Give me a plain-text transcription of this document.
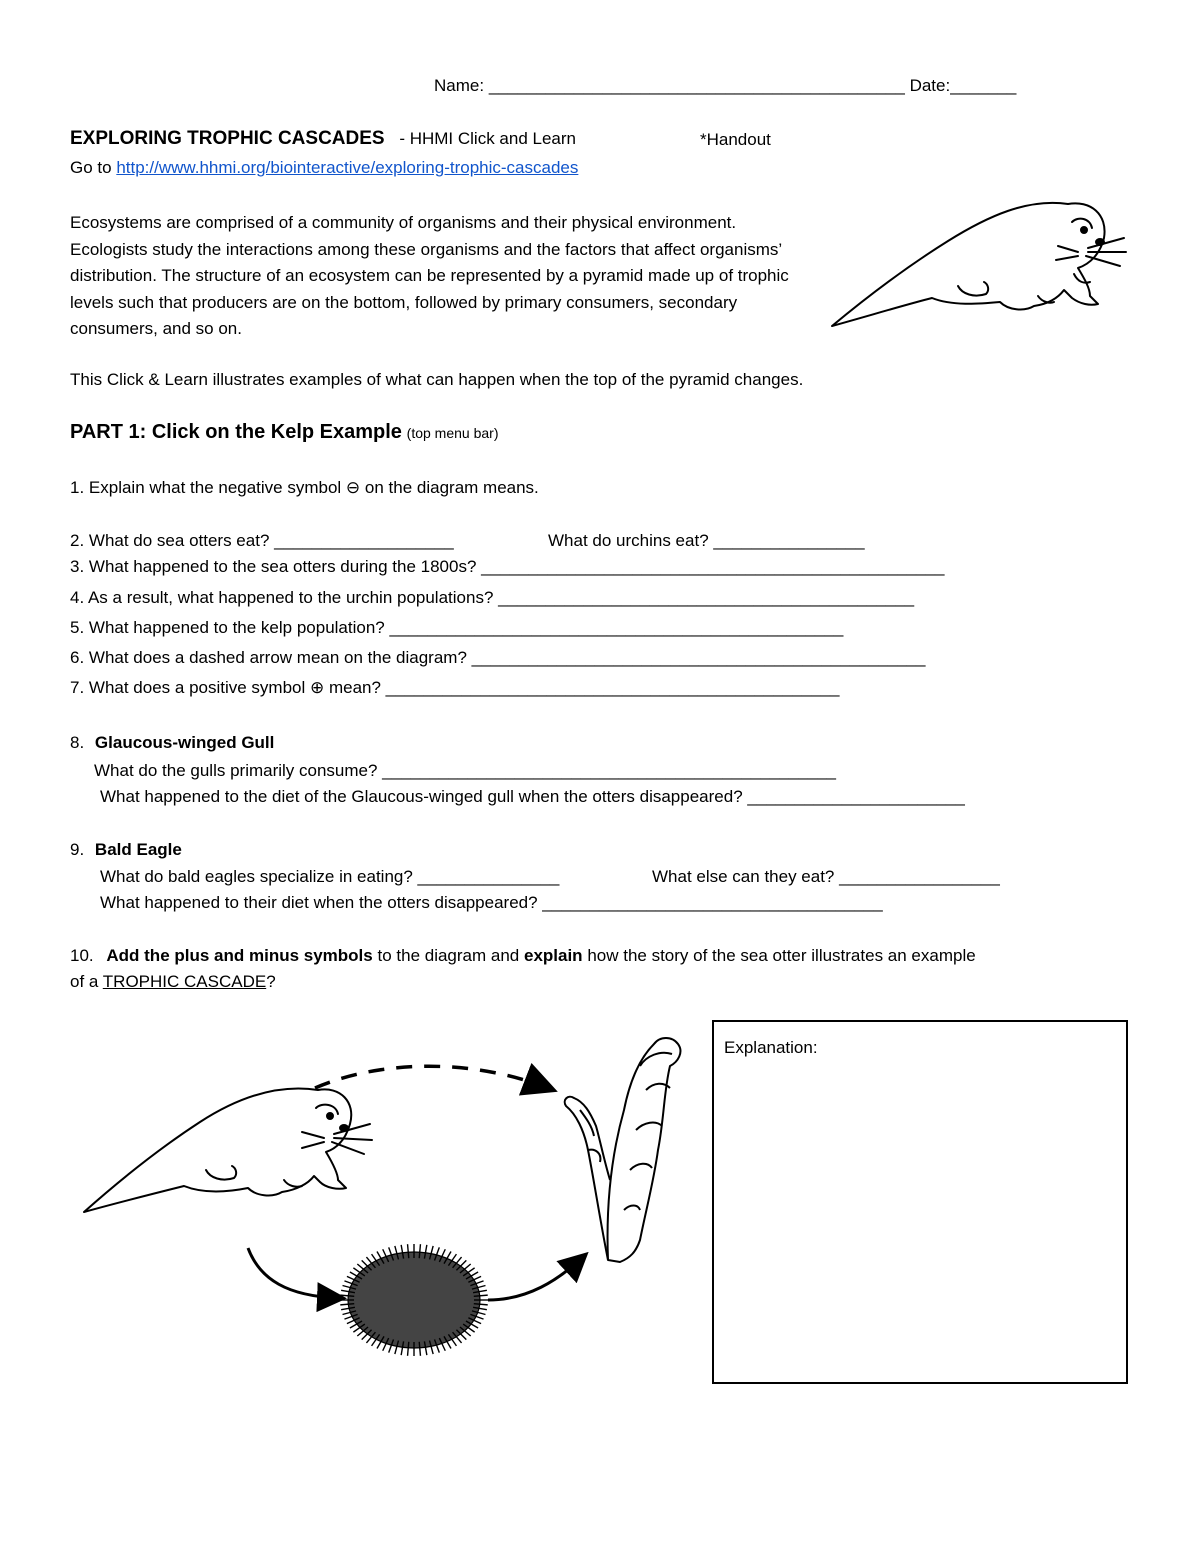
Name: ____________________________________________ Date:_______
EXPLORING TROPHIC CASCADES - HHMI Click and Learn	*Handout
Go to http://www.hhmi.org/biointeractive/exploring-trophic-cascades
Ecosystems are comprised of a community of organisms and their physical environment. Ecologists study the interactions among these organisms and the factors that affect organisms’ distribution. The structure of an ecosystem can be represented by a pyramid made up of trophic levels such that producers are on the bottom, followed by primary consumers, secondary consumers, and so on.
This Click & Learn illustrates examples of what can happen when the top of the pyramid changes.
PART 1: Click on the Kelp Example (top menu bar)
1. Explain what the negative symbol ⊖ on the diagram means.
2. What do sea otters eat? ___________________	What do urchins eat? ________________
3. What happened to the sea otters during the 1800s? _________________________________________________
4. As a result, what happened to the urchin populations? ____________________________________________
5. What happened to the kelp population? ________________________________________________
6. What does a dashed arrow mean on the diagram? ________________________________________________
7. What does a positive symbol ⊕ mean? ________________________________________________
8. Glaucous-winged Gull
What do the gulls primarily consume? ________________________________________________
What happened to the diet of the Glaucous-winged gull when the otters disappeared? _______________________
9. Bald Eagle
What do bald eagles specialize in eating? _______________	What else can they eat? _________________
What happened to their diet when the otters disappeared? ____________________________________
10. Add the plus and minus symbols to the diagram and explain how the story of the sea otter illustrates an example
of a TROPHIC CASCADE?
Explanation:
